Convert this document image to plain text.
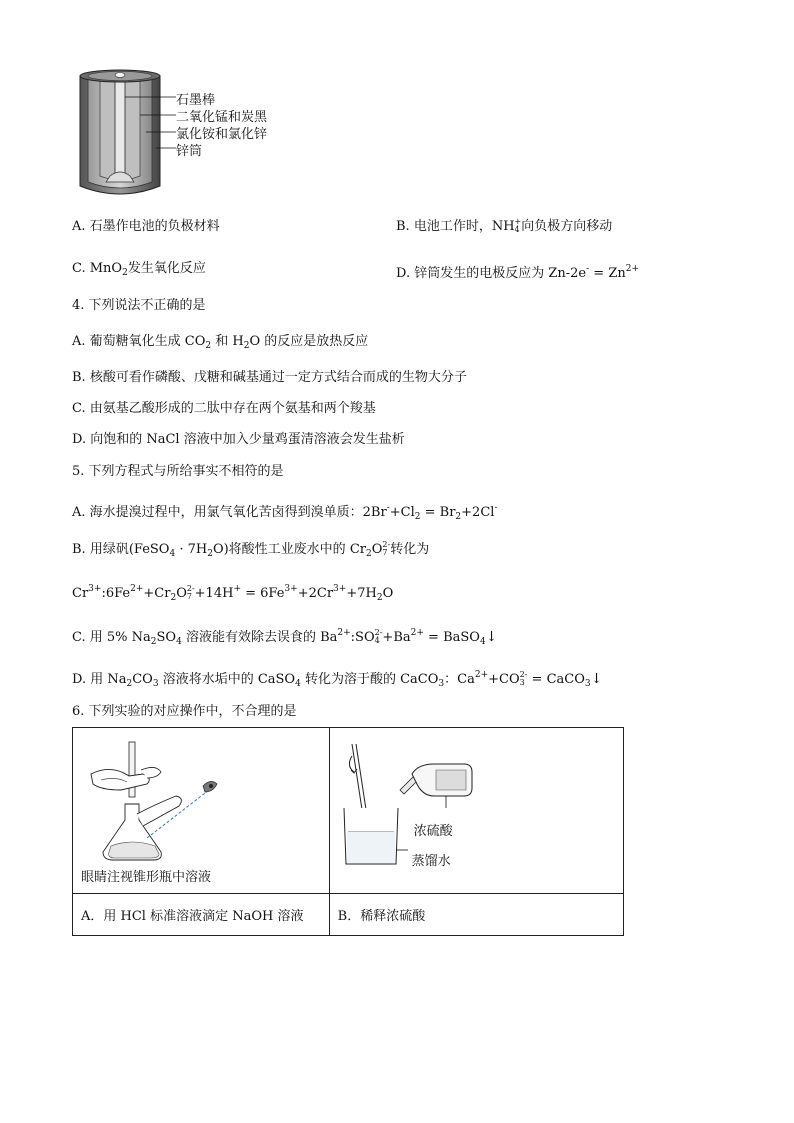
石墨棒
二氧化锰和炭黑
氯化铵和氯化锌
锌筒
A. 石墨作电池的负极材料	B. 电池工作时，NH +
4 向负极方向移动
C. MnO$_2$发生氧化反应	D. 锌筒发生的电极反应为 $Zn-2e^- = Zn^{2+}$
4. 下列说法不正确的是
A. 葡萄糖氧化生成 $CO_2$ 和 $H_2O$ 的反应是放热反应
B. 核酸可看作磷酸、戊糖和碱基通过一定方式结合而成的生物大分子
C. 由氨基乙酸形成的二肽中存在两个氨基和两个羧基
D. 向饱和的 NaCl 溶液中加入少量鸡蛋清溶液会发生盐析
5. 下列方程式与所给事实不相符的是
A. 海水提溴过程中，用氯气氧化苦卤得到溴单质：$2Br^-+Cl_2 = Br_2+2Cl^-$
B. 用绿矾(FeSO$_4$ · $7H_2O$)将酸性工业废水中的 $Cr_2O$ 2-
7 转化为
$Cr^{3+}:6Fe^{2+}+Cr_2O$ 2-
$7 +14H^+ = 6Fe^{3+}+2Cr^{3+}+7H_2O$
C. 用 5% $Na_2SO_4$ 溶液能有效除去误食的 $Ba^{2+}:SO$ 2-
$4 +Ba^{2+}$ = BaSO$_4$↓
D. 用 $Na_2CO_3$ 溶液将水垢中的 CaSO$_4$ 转化为溶于酸的 CaCO$_3$：$Ca^{2+}+CO$ 2-
3 = CaCO$_3$↓
6. 下列实验的对应操作中，不合理的是
眼睛注视锥形瓶中溶液	浓硫酸
蒸馏水

A．用 HCl 标准溶液滴定 NaOH 溶液	B．稀释浓硫酸
